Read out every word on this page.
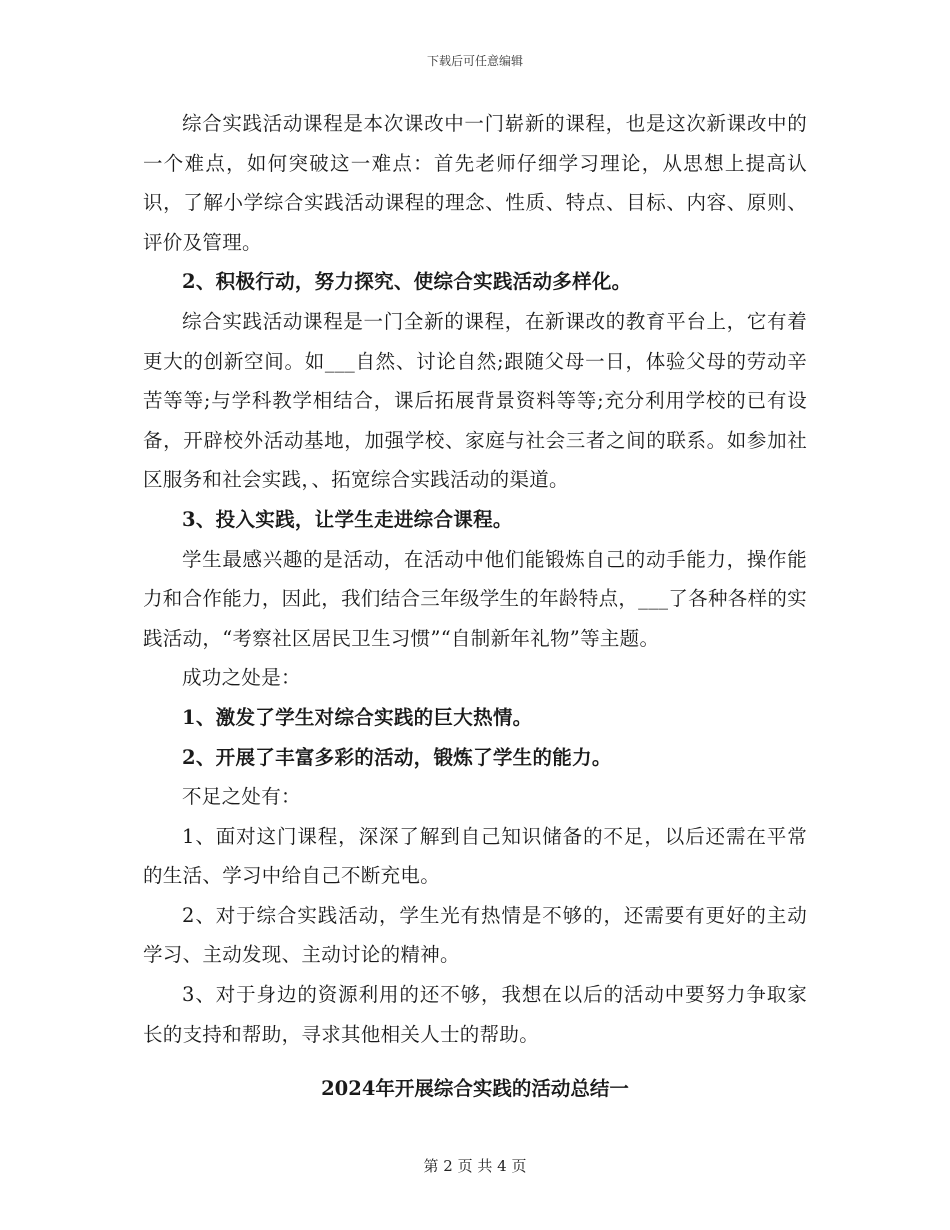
下载后可任意编辑

综合实践活动课程是本次课改中一门崭新的课程，也是这次新课改中的一个难点，如何突破这一难点：首先老师仔细学习理论，从思想上提高认识，了解小学综合实践活动课程的理念、性质、特点、目标、内容、原则、评价及管理。

2、积极行动，努力探究、使综合实践活动多样化。

综合实践活动课程是一门全新的课程，在新课改的教育平台上，它有着更大的创新空间。如___自然、讨论自然;跟随父母一日，体验父母的劳动辛苦等等;与学科教学相结合，课后拓展背景资料等等;充分利用学校的已有设备，开辟校外活动基地，加强学校、家庭与社会三者之间的联系。如参加社区服务和社会实践，、拓宽综合实践活动的渠道。

3、投入实践，让学生走进综合课程。

学生最感兴趣的是活动，在活动中他们能锻炼自己的动手能力，操作能力和合作能力，因此，我们结合三年级学生的年龄特点，___了各种各样的实践活动，“考察社区居民卫生习惯”“自制新年礼物”等主题。

成功之处是：

1、激发了学生对综合实践的巨大热情。

2、开展了丰富多彩的活动，锻炼了学生的能力。

不足之处有：

1、面对这门课程，深深了解到自己知识储备的不足，以后还需在平常的生活、学习中给自己不断充电。

2、对于综合实践活动，学生光有热情是不够的，还需要有更好的主动学习、主动发现、主动讨论的精神。

3、对于身边的资源利用的还不够，我想在以后的活动中要努力争取家长的支持和帮助，寻求其他相关人士的帮助。

2024年开展综合实践的活动总结一

第 2 页 共 4 页
